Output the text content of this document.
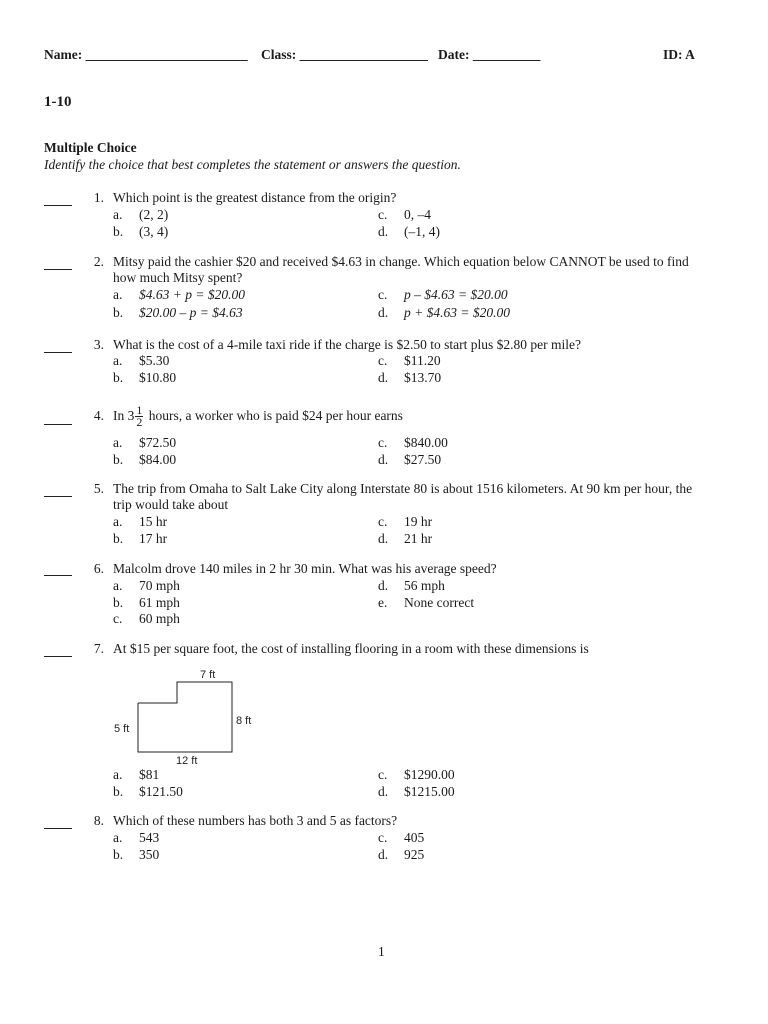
Name: ________________________ Class: ___________________ Date: __________	ID: A
1-10
Multiple Choice
Identify the choice that best completes the statement or answers the question.
1. Which point is the greatest distance from the origin?
a. (2, 2)
b. (3, 4)
c. 0, –4
d. (–1, 4)
2. Mitsy paid the cashier $20 and received $4.63 in change. Which equation below CANNOT be used to find how much Mitsy spent?
a. $4.63 + p = $20.00
b. $20.00 – p = $4.63
c. p – $4.63 = $20.00
d. p + $4.63 = $20.00
3. What is the cost of a 4-mile taxi ride if the charge is $2.50 to start plus $2.80 per mile?
a. $5.30
b. $10.80
c. $11.20
d. $13.70
4. In $3 \frac{1}{2}$ hours, a worker who is paid $24 per hour earns
a. $72.50
b. $84.00
c. $840.00
d. $27.50
5. The trip from Omaha to Salt Lake City along Interstate 80 is about 1516 kilometers. At 90 km per hour, the trip would take about
a. 15 hr
b. 17 hr
c. 19 hr
d. 21 hr
6. Malcolm drove 140 miles in 2 hr 30 min. What was his average speed?
a. 70 mph
b. 61 mph
c. 60 mph
d. 56 mph
e. None correct
7. At $15 per square foot, the cost of installing flooring in a room with these dimensions is
7 ft
8 ft
5 ft
12 ft
a. $81
b. $121.50
c. $1290.00
d. $1215.00
8. Which of these numbers has both 3 and 5 as factors?
a. 543
b. 350
c. 405
d. 925
1
